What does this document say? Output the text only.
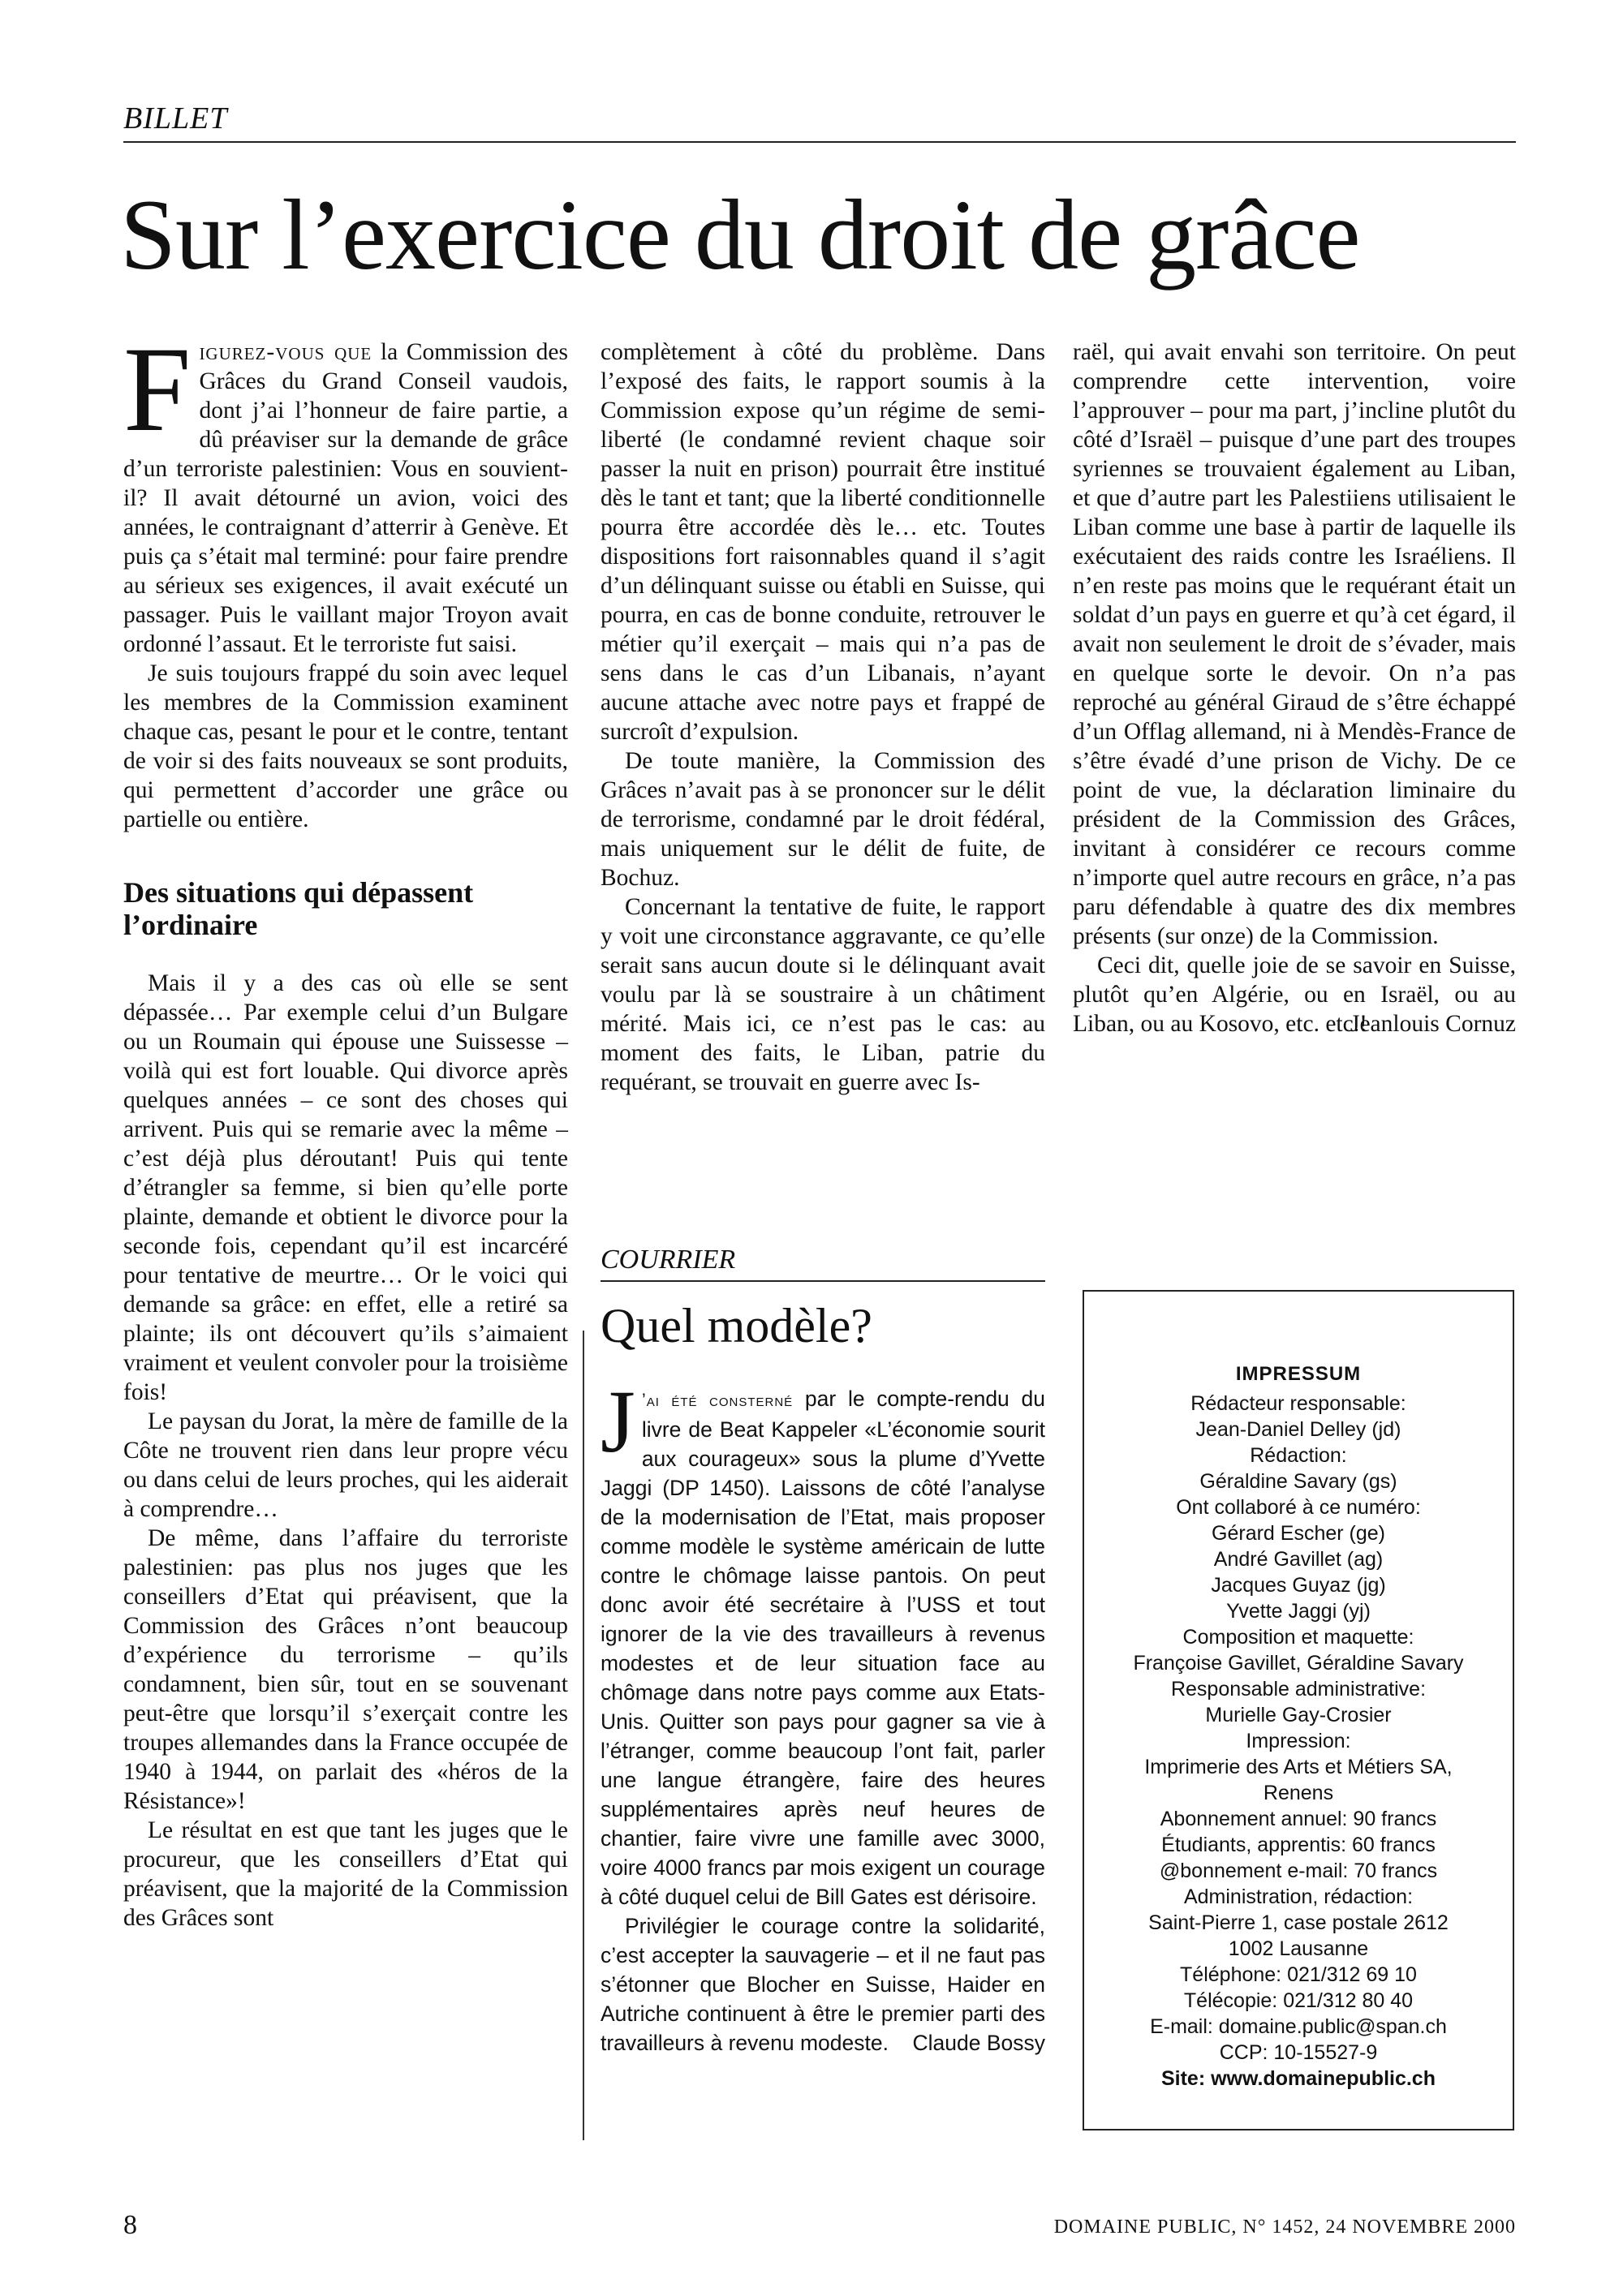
BILLET
Sur l’exercice du droit de grâce

Figurez-vous que la Commission des Grâces du Grand Conseil vaudois, dont j’ai l’honneur de faire partie, a dû préaviser sur la demande de grâce d’un terroriste palestinien: Vous en souvient-il? Il avait détourné un avion, voici des années, le contraignant d’atterrir à Genève. Et puis ça s’était mal terminé: pour faire prendre au sérieux ses exigences, il avait exécuté un passager. Puis le vaillant major Troyon avait ordonné l’assaut. Et le terroriste fut saisi.

Je suis toujours frappé du soin avec lequel les membres de la Commission examinent chaque cas, pesant le pour et le contre, tentant de voir si des faits nouveaux se sont produits, qui permettent d’accorder une grâce ou partielle ou entière.

Des situations qui dépassent l’ordinaire

Mais il y a des cas où elle se sent dépassée… Par exemple celui d’un Bulgare ou un Roumain qui épouse une Suissesse – voilà qui est fort louable. Qui divorce après quelques années – ce sont des choses qui arrivent. Puis qui se remarie avec la même – c’est déjà plus déroutant! Puis qui tente d’étrangler sa femme, si bien qu’elle porte plainte, demande et obtient le divorce pour la seconde fois, cependant qu’il est incarcéré pour tentative de meurtre… Or le voici qui demande sa grâce: en effet, elle a retiré sa plainte; ils ont découvert qu’ils s’aimaient vraiment et veulent convoler pour la troisième fois!

Le paysan du Jorat, la mère de famille de la Côte ne trouvent rien dans leur propre vécu ou dans celui de leurs proches, qui les aiderait à comprendre…

De même, dans l’affaire du terroriste palestinien: pas plus nos juges que les conseillers d’Etat qui préavisent, que la Commission des Grâces n’ont beaucoup d’expérience du terrorisme – qu’ils condamnent, bien sûr, tout en se souvenant peut-être que lorsqu’il s’exerçait contre les troupes allemandes dans la France occupée de 1940 à 1944, on parlait des «héros de la Résistance»!

Le résultat en est que tant les juges que le procureur, que les conseillers d’Etat qui préavisent, que la majorité de la Commission des Grâces sont

complètement à côté du problème. Dans l’exposé des faits, le rapport soumis à la Commission expose qu’un régime de semi-liberté (le condamné revient chaque soir passer la nuit en prison) pourrait être institué dès le tant et tant; que la liberté conditionnelle pourra être accordée dès le… etc. Toutes dispositions fort raisonnables quand il s’agit d’un délinquant suisse ou établi en Suisse, qui pourra, en cas de bonne conduite, retrouver le métier qu’il exerçait – mais qui n’a pas de sens dans le cas d’un Libanais, n’ayant aucune attache avec notre pays et frappé de surcroît d’expulsion.

De toute manière, la Commission des Grâces n’avait pas à se prononcer sur le délit de terrorisme, condamné par le droit fédéral, mais uniquement sur le délit de fuite, de Bochuz.

Concernant la tentative de fuite, le rapport y voit une circonstance aggravante, ce qu’elle serait sans aucun doute si le délinquant avait voulu par là se soustraire à un châtiment mérité. Mais ici, ce n’est pas le cas: au moment des faits, le Liban, patrie du requérant, se trouvait en guerre avec Is-

raël, qui avait envahi son territoire. On peut comprendre cette intervention, voire l’approuver – pour ma part, j’incline plutôt du côté d’Israël – puisque d’une part des troupes syriennes se trouvaient également au Liban, et que d’autre part les Palestiiens utilisaient le Liban comme une base à partir de laquelle ils exécutaient des raids contre les Israéliens. Il n’en reste pas moins que le requérant était un soldat d’un pays en guerre et qu’à cet égard, il avait non seulement le droit de s’évader, mais en quelque sorte le devoir. On n’a pas reproché au général Giraud de s’être échappé d’un Offlag allemand, ni à Mendès-France de s’être évadé d’une prison de Vichy. De ce point de vue, la déclaration liminaire du président de la Commission des Grâces, invitant à considérer ce recours comme n’importe quel autre recours en grâce, n’a pas paru défendable à quatre des dix membres présents (sur onze) de la Commission.

Ceci dit, quelle joie de se savoir en Suisse, plutôt qu’en Algérie, ou en Israël, ou au Liban, ou au Kosovo, etc. etc.!

Jeanlouis Cornuz
COURRIER
Quel modèle?

J ’ai été consterné par le compte-rendu du livre de Beat Kappeler «L’économie sourit aux courageux» sous la plume d’Yvette Jaggi (DP 1450). Laissons de côté l’analyse de la modernisation de l’Etat, mais proposer comme modèle le système américain de lutte contre le chômage laisse pantois. On peut donc avoir été secrétaire à l’USS et tout ignorer de la vie des travailleurs à revenus modestes et de leur situation face au chômage dans notre pays comme aux Etats-Unis. Quitter son pays pour gagner sa vie à l’étranger, comme beaucoup l’ont fait, parler une langue étrangère, faire des heures supplémentaires après neuf heures de chantier, faire vivre une famille avec 3000, voire 4000 francs par mois exigent un courage à côté duquel celui de Bill Gates est dérisoire.

Privilégier le courage contre la solidarité, c’est accepter la sauvagerie – et il ne faut pas s’étonner que Blocher en Suisse, Haider en Autriche continuent à être le premier parti des travailleurs à revenu modeste.	Claude Bossy
IMPRESSUM
Rédacteur responsable:
Jean-Daniel Delley (jd)
Rédaction:
Géraldine Savary (gs)
Ont collaboré à ce numéro:
Gérard Escher (ge)
André Gavillet (ag)
Jacques Guyaz (jg)
Yvette Jaggi (yj)
Composition et maquette:
Françoise Gavillet, Géraldine Savary
Responsable administrative:
Murielle Gay-Crosier
Impression:
Imprimerie des Arts et Métiers SA,
Renens
Abonnement annuel: 90 francs
Étudiants, apprentis: 60 francs
@bonnement e-mail: 70 francs
Administration, rédaction:
Saint-Pierre 1, case postale 2612
1002 Lausanne
Téléphone: 021/312 69 10
Télécopie: 021/312 80 40
E-mail: domaine.public@span.ch
CCP: 10-15527-9
Site: www.domainepublic.ch
8	DOMAINE PUBLIC, N° 1452, 24 NOVEMBRE 2000
